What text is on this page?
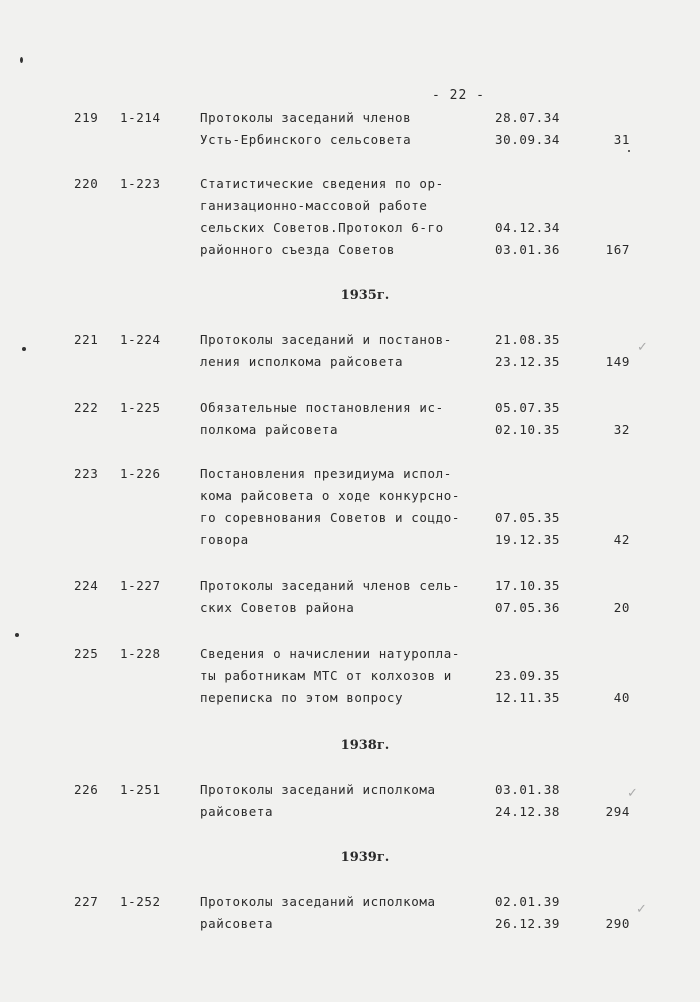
- 22 -
219 1-214	Протоколы заседаний членов	28.07.34
Усть-Ербинского сельсовета	30.09.34	31
220 1-223	Статистические сведения по ор-
ганизационно-массовой работе
сельских Советов.Протокол 6-го	04.12.34
районного съезда Советов	03.01.36	167
1935г.
221 1-224	Протоколы заседаний и постанов-	21.08.35
ления исполкома райсовета	23.12.35	149
222 1-225	Обязательные постановления ис-	05.07.35
полкома райсовета	02.10.35	32
223 1-226	Постановления президиума испол-
кома райсовета о ходе конкурсно-
го соревнования Советов и соцдо-	07.05.35
говора	19.12.35	42
224 1-227	Протоколы заседаний членов сель-	17.10.35
ских Советов района	07.05.36	20
225 1-228	Сведения о начислении натуропла-
ты работникам МТС от колхозов и	23.09.35
переписка по этом вопросу	12.11.35	40
1938г.
226 1-251	Протоколы заседаний исполкома	03.01.38
райсовета	24.12.38	294
1939г.
227 1-252	Протоколы заседаний исполкома	02.01.39
райсовета	26.12.39	290
✓
✓
✓
